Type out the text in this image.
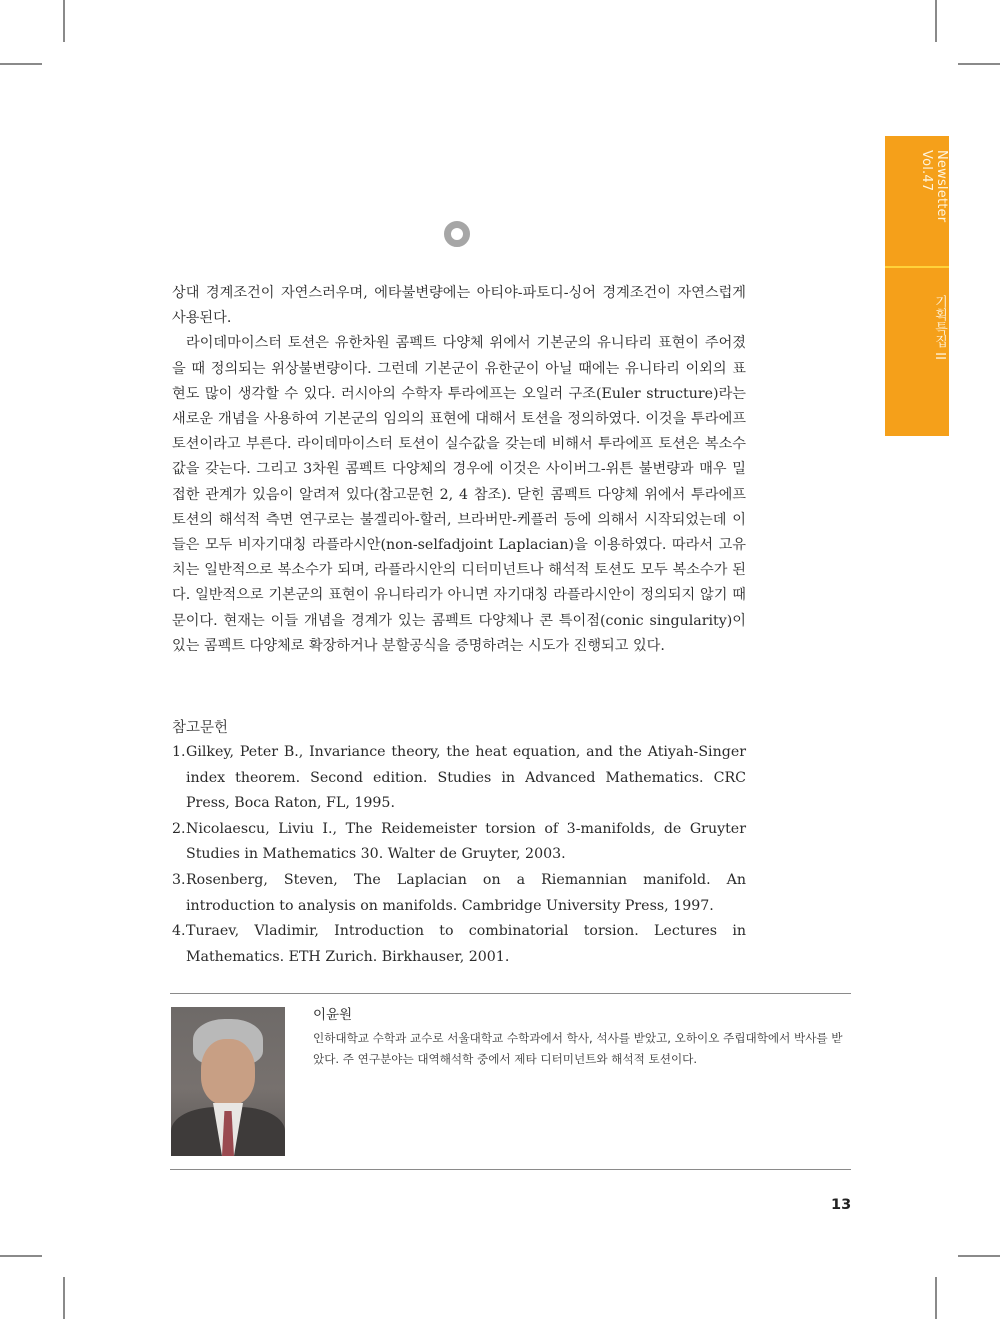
Newsletter Vol.47
기획특집 II

상대 경계조건이 자연스러우며, 에타불변량에는 아티야-파토디-싱어 경계조건이 자연스럽게 사용된다.

라이데마이스터 토션은 유한차원 콤펙트 다양체 위에서 기본군의 유니타리 표현이 주어졌을 때 정의되는 위상불변량이다. 그런데 기본군이 유한군이 아닐 때에는 유니타리 이외의 표현도 많이 생각할 수 있다. 러시아의 수학자 투라에프는 오일러 구조(Euler structure)라는 새로운 개념을 사용하여 기본군의 임의의 표현에 대해서 토션을 정의하였다. 이것을 투라에프 토션이라고 부른다. 라이데마이스터 토션이 실수값을 갖는데 비해서 투라에프 토션은 복소수 값을 갖는다. 그리고 3차원 콤펙트 다양체의 경우에 이것은 사이버그-위튼 불변량과 매우 밀접한 관계가 있음이 알려져 있다(참고문헌 2, 4 참조). 닫힌 콤펙트 다양체 위에서 투라에프 토션의 해석적 측면 연구로는 불겔리아-할러, 브라버만-케플러 등에 의해서 시작되었는데 이들은 모두 비자기대칭 라플라시안(non-selfadjoint Laplacian)을 이용하였다. 따라서 고유치는 일반적으로 복소수가 되며, 라플라시안의 디터미넌트나 해석적 토션도 모두 복소수가 된다. 일반적으로 기본군의 표현이 유니타리가 아니면 자기대칭 라플라시안이 정의되지 않기 때문이다. 현재는 이들 개념을 경계가 있는 콤펙트 다양체나 콘 특이점(conic singularity)이 있는 콤펙트 다양체로 확장하거나 분할공식을 증명하려는 시도가 진행되고 있다.

참고문헌
1. Gilkey, Peter B., Invariance theory, the heat equation, and the Atiyah-Singer index theorem. Second edition. Studies in Advanced Mathematics. CRC Press, Boca Raton, FL, 1995.
2. Nicolaescu, Liviu I., The Reidemeister torsion of 3-manifolds, de Gruyter Studies in Mathematics 30. Walter de Gruyter, 2003.
3. Rosenberg, Steven, The Laplacian on a Riemannian manifold. An introduction to analysis on manifolds. Cambridge University Press, 1997.
4. Turaev, Vladimir, Introduction to combinatorial torsion. Lectures in Mathematics. ETH Zurich. Birkhauser, 2001.
이윤원
인하대학교 수학과 교수로 서울대학교 수학과에서 학사, 석사를 받았고, 오하이오 주립대학에서 박사를 받았다. 주 연구분야는 대역해석학 중에서 제타 디터미넌트와 해석적 토션이다.
13
